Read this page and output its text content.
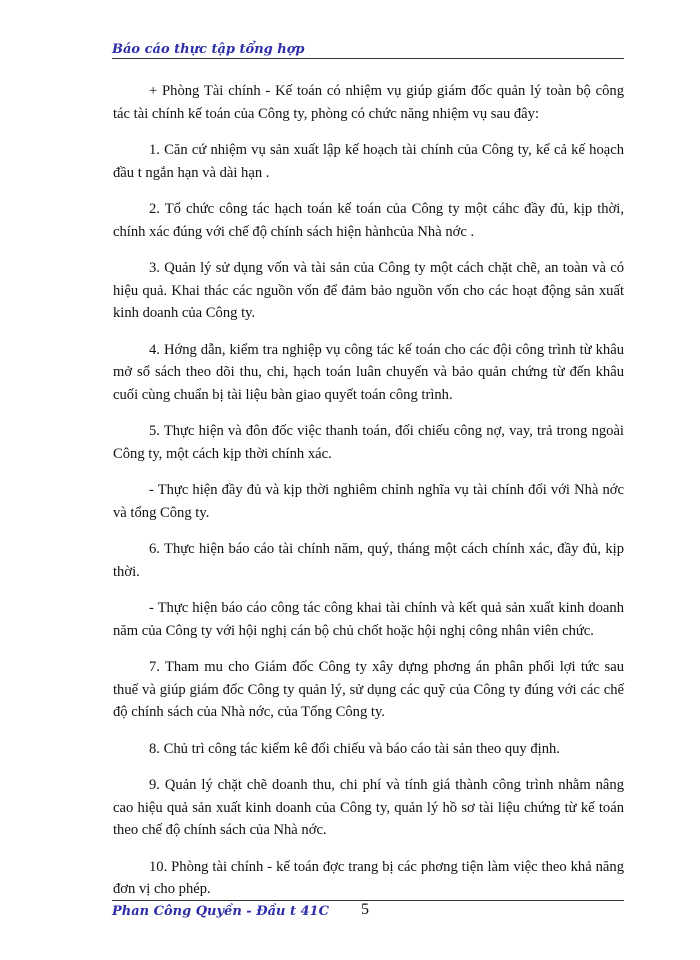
Báo cáo thực tập tổng hợp

+ Phòng Tài chính - Kế toán có nhiệm vụ giúp giám đốc quản lý toàn bộ công tác tài chính kế toán của Công ty, phòng có chức năng nhiệm vụ sau đây:

1. Căn cứ nhiệm vụ sản xuất lập kế hoạch tài chính của Công ty, kể cả kế hoạch đầu t ngắn hạn và dài hạn .

2. Tổ chức công tác hạch toán kế toán của Công ty một cáhc đầy đủ, kịp thời, chính xác đúng với chế độ chính sách hiện hànhcủa Nhà nớc .

3. Quản lý sử dụng vốn và tài sản của Công ty một cách chặt chẽ, an toàn và có hiệu quả. Khai thác các nguồn vốn để đảm bảo nguồn vốn cho các hoạt động sản xuất kinh doanh của Công ty.

4. Hớng dẫn, kiểm tra nghiệp vụ công tác kế toán cho các đội công trình từ khâu mở sổ sách theo dõi thu, chi, hạch toán luân chuyển và bảo quản chứng từ đến khâu cuối cùng chuẩn bị tài liệu bàn giao quyết toán công trình.

5. Thực hiện và đôn đốc việc thanh toán, đối chiếu công nợ, vay, trả trong ngoài Công ty, một cách kịp thời chính xác.

- Thực hiện đầy đủ và kịp thời nghiêm chỉnh nghĩa vụ tài chính đối với Nhà nớc và tổng Công ty.

6. Thực hiện báo cáo tài chính năm, quý, tháng một cách chính xác, đầy đủ, kịp thời.

- Thực hiện báo cáo công tác công khai tài chính và kết quả sản xuất kinh doanh năm của Công ty với hội nghị cán bộ chủ chốt hoặc hội nghị công nhân viên chức.

7. Tham mu cho Giám đốc Công ty xây dựng phơng án phân phối lợi tức sau thuế và giúp giám đốc Công ty quản lý, sử dụng các quỹ của Công ty đúng với các chế độ chính sách của Nhà nớc, của Tổng Công ty.

8. Chủ trì công tác kiểm kê đối chiếu và báo cáo tài sản theo quy định.

9. Quản lý chặt chẽ doanh thu, chi phí và tính giá thành công trình nhằm nâng cao hiệu quả sản xuất kinh doanh của Công ty, quản lý hồ sơ tài liệu chứng từ kế toán theo chế độ chính sách của Nhà nớc.

10. Phòng tài chính - kế toán đợc trang bị các phơng tiện làm việc theo khả năng đơn vị cho phép.

Phan Công Quyền - Đầu t 41C 5
